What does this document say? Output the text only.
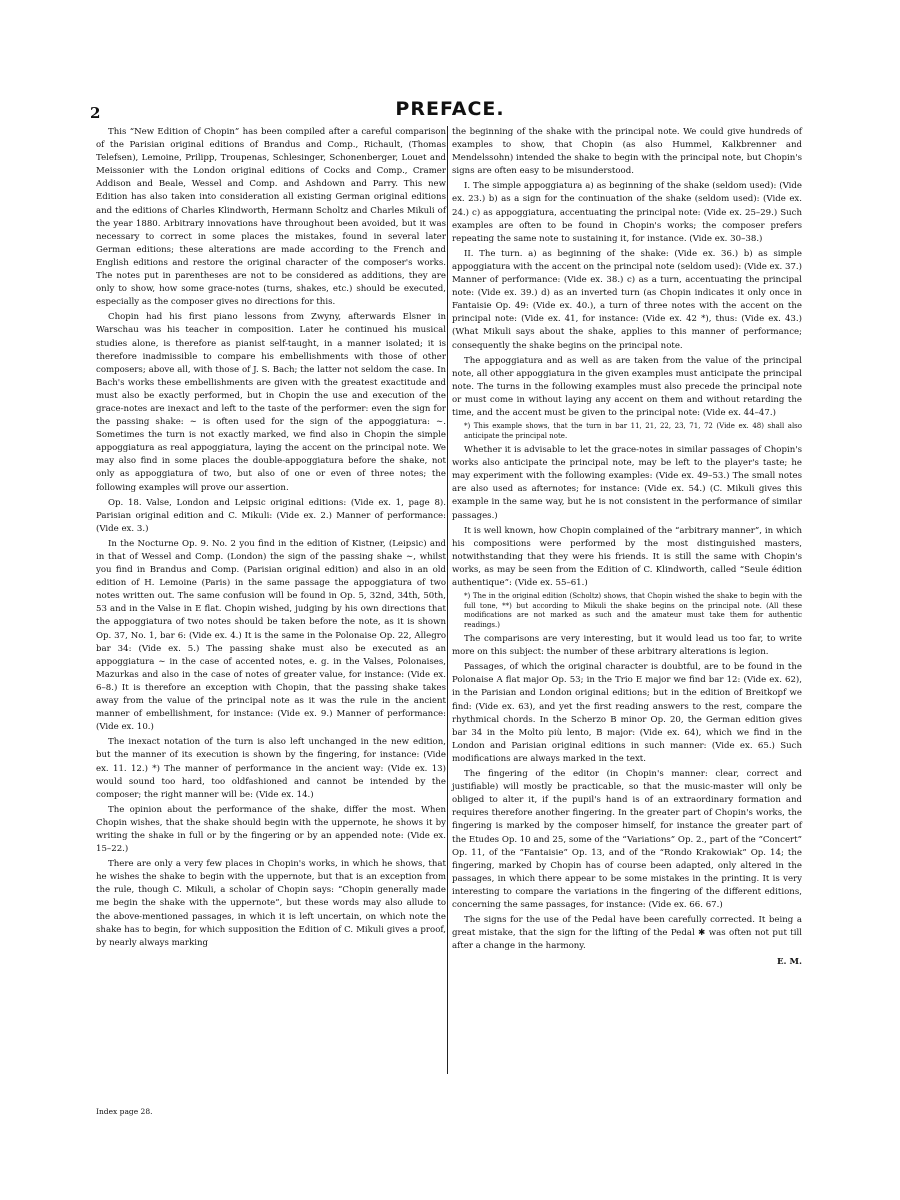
2	PREFACE.

This “New Edition of Chopin” has been compiled after a careful comparison of the Parisian original editions of Brandus and Comp., Richault, (Thomas Telefsen), Lemoine, Prilipp, Troupenas, Schlesinger, Schonenberger, Louet and Meissonier with the London original editions of Cocks and Comp., Cramer Addison and Beale, Wessel and Comp. and Ashdown and Parry. This new Edition has also taken into consideration all existing German original editions and the editions of Charles Klindworth, Hermann Scholtz and Charles Mikuli of the year 1880. Arbitrary innovations have throughout been avoided, but it was necessary to correct in some places the mistakes, found in several later German editions; these alterations are made according to the French and English editions and restore the original character of the composer's works. The notes put in parentheses are not to be considered as additions, they are only to show, how some grace-notes (turns, shakes, etc.) should be executed, especially as the composer gives no directions for this.

Chopin had his first piano lessons from Zwyny, afterwards Elsner in Warschau was his teacher in composition. Later he continued his musical studies alone, is therefore as pianist self-taught, in a manner isolated; it is therefore inadmissible to compare his embellishments with those of other composers; above all, with those of J. S. Bach; the latter not seldom the case. In Bach's works these embellishments are given with the greatest exactitude and must also be exactly performed, but in Chopin the use and execution of the grace-notes are inexact and left to the taste of the performer: even the sign for the passing shake: ∼ is often used for the sign of the appoggiatura: ∼. Sometimes the turn is not exactly marked, we find also in Chopin the simple appoggiatura as real appoggiatura, laying the accent on the principal note. We may also find in some places the double-appoggiatura before the shake, not only as appoggiatura of two, but also of one or even of three notes; the following examples will prove our assertion.

Op. 18. Valse, London and Leipsic original editions: (Vide ex. 1, page 8). Parisian original edition and C. Mikuli: (Vide ex. 2.) Manner of performance: (Vide ex. 3.)

In the Nocturne Op. 9. No. 2 you find in the edition of Kistner, (Leipsic) and in that of Wessel and Comp. (London) the sign of the passing shake ∼, whilst you find in Brandus and Comp. (Parisian original edition) and also in an old edition of H. Lemoine (Paris) in the same passage the appoggiatura of two notes written out. The same confusion will be found in Op. 5, 32nd, 34th, 50th, 53 and in the Valse in E flat. Chopin wished, judging by his own directions that the appoggiatura of two notes should be taken before the note, as it is shown Op. 37, No. 1, bar 6: (Vide ex. 4.) It is the same in the Polonaise Op. 22, Allegro bar 34: (Vide ex. 5.) The passing shake must also be executed as an appoggiatura ∼ in the case of accented notes, e. g. in the Valses, Polonaises, Mazurkas and also in the case of notes of greater value, for instance: (Vide ex. 6–8.) It is therefore an exception with Chopin, that the passing shake takes away from the value of the principal note as it was the rule in the ancient manner of embellishment, for instance: (Vide ex. 9.) Manner of performance: (Vide ex. 10.)

The inexact notation of the turn is also left unchanged in the new edition, but the manner of its execution is shown by the fingering, for instance: (Vide ex. 11. 12.) *) The manner of performance in the ancient way: (Vide ex. 13) would sound too hard, too oldfashioned and cannot be intended by the composer; the right manner will be: (Vide ex. 14.)

The opinion about the performance of the shake, differ the most. When Chopin wishes, that the shake should begin with the uppernote, he shows it by writing the shake in full or by the fingering or by an appended note: (Vide ex. 15–22.)

There are only a very few places in Chopin's works, in which he shows, that he wishes the shake to begin with the uppernote, but that is an exception from the rule, though C. Mikuli, a scholar of Chopin says: “Chopin generally made me begin the shake with the uppernote”, but these words may also allude to the above-mentioned passages, in which it is left uncertain, on which note the shake has to begin, for which supposition the Edition of C. Mikuli gives a proof, by nearly always marking

the beginning of the shake with the principal note. We could give hundreds of examples to show, that Chopin (as also Hummel, Kalkbrenner and Mendelssohn) intended the shake to begin with the principal note, but Chopin's signs are often easy to be misunderstood.

I. The simple appoggiatura a) as beginning of the shake (seldom used): (Vide ex. 23.) b) as a sign for the continuation of the shake (seldom used): (Vide ex. 24.) c) as appoggiatura, accentuating the principal note: (Vide ex. 25–29.) Such examples are often to be found in Chopin's works; the composer prefers repeating the same note to sustaining it, for instance. (Vide ex. 30–38.)

II. The turn. a) as beginning of the shake: (Vide ex. 36.) b) as simple appoggiatura with the accent on the principal note (seldom used): (Vide ex. 37.) Manner of performance: (Vide ex. 38.) c) as a turn, accentuating the principal note: (Vide ex. 39.) d) as an inverted turn (as Chopin indicates it only once in Fantaisie Op. 49: (Vide ex. 40.), a turn of three notes with the accent on the principal note: (Vide ex. 41, for instance: (Vide ex. 42 *), thus: (Vide ex. 43.) (What Mikuli says about the shake, applies to this manner of performance; consequently the shake begins on the principal note.

The appoggiatura and as well as are taken from the value of the principal note, all other appoggiatura in the given examples must anticipate the principal note. The turns in the following examples must also precede the principal note or must come in without laying any accent on them and without retarding the time, and the accent must be given to the principal note: (Vide ex. 44–47.)

*) This example shows, that the turn in bar 11, 21, 22, 23, 71, 72 (Vide ex. 48) shall also anticipate the principal note.

Whether it is advisable to let the grace-notes in similar passages of Chopin's works also anticipate the principal note, may be left to the player's taste; he may experiment with the following examples: (Vide ex. 49–53.) The small notes are also used as afternotes; for instance: (Vide ex. 54.) (C. Mikuli gives this example in the same way, but he is not consistent in the performance of similar passages.)

It is well known, how Chopin complained of the “arbitrary manner”, in which his compositions were performed by the most distinguished masters, notwithstanding that they were his friends. It is still the same with Chopin's works, as may be seen from the Edition of C. Klindworth, called “Seule édition authentique”: (Vide ex. 55–61.)

*) The in the original edition (Scholtz) shows, that Chopin wished the shake to begin with the full tone, **) but according to Mikuli the shake begins on the principal note. (All these modifications are not marked as such and the amateur must take them for authentic readings.)

The comparisons are very interesting, but it would lead us too far, to write more on this subject: the number of these arbitrary alterations is legion.

Passages, of which the original character is doubtful, are to be found in the Polonaise A flat major Op. 53; in the Trio E major we find bar 12: (Vide ex. 62), in the Parisian and London original editions; but in the edition of Breitkopf we find: (Vide ex. 63), and yet the first reading answers to the rest, compare the rhythmical chords. In the Scherzo B minor Op. 20, the German edition gives bar 34 in the Molto più lento, B major: (Vide ex. 64), which we find in the London and Parisian original editions in such manner: (Vide ex. 65.) Such modifications are always marked in the text.

The fingering of the editor (in Chopin's manner: clear, correct and justifiable) will mostly be practicable, so that the music-master will only be obliged to alter it, if the pupil's hand is of an extraordinary formation and requires therefore another fingering. In the greater part of Chopin's works, the fingering is marked by the composer himself, for instance the greater part of the Etudes Op. 10 and 25, some of the “Variations” Op. 2., part of the “Concert” Op. 11, of the “Fantaisie” Op. 13, and of the “Rondo Krakowiak” Op. 14; the fingering, marked by Chopin has of course been adapted, only altered in the passages, in which there appear to be some mistakes in the printing. It is very interesting to compare the variations in the fingering of the different editions, concerning the same passages, for instance: (Vide ex. 66. 67.)

The signs for the use of the Pedal have been carefully corrected. It being a great mistake, that the sign for the lifting of the Pedal ✱ was often not put till after a change in the harmony.

E. M.

Index page 28.
